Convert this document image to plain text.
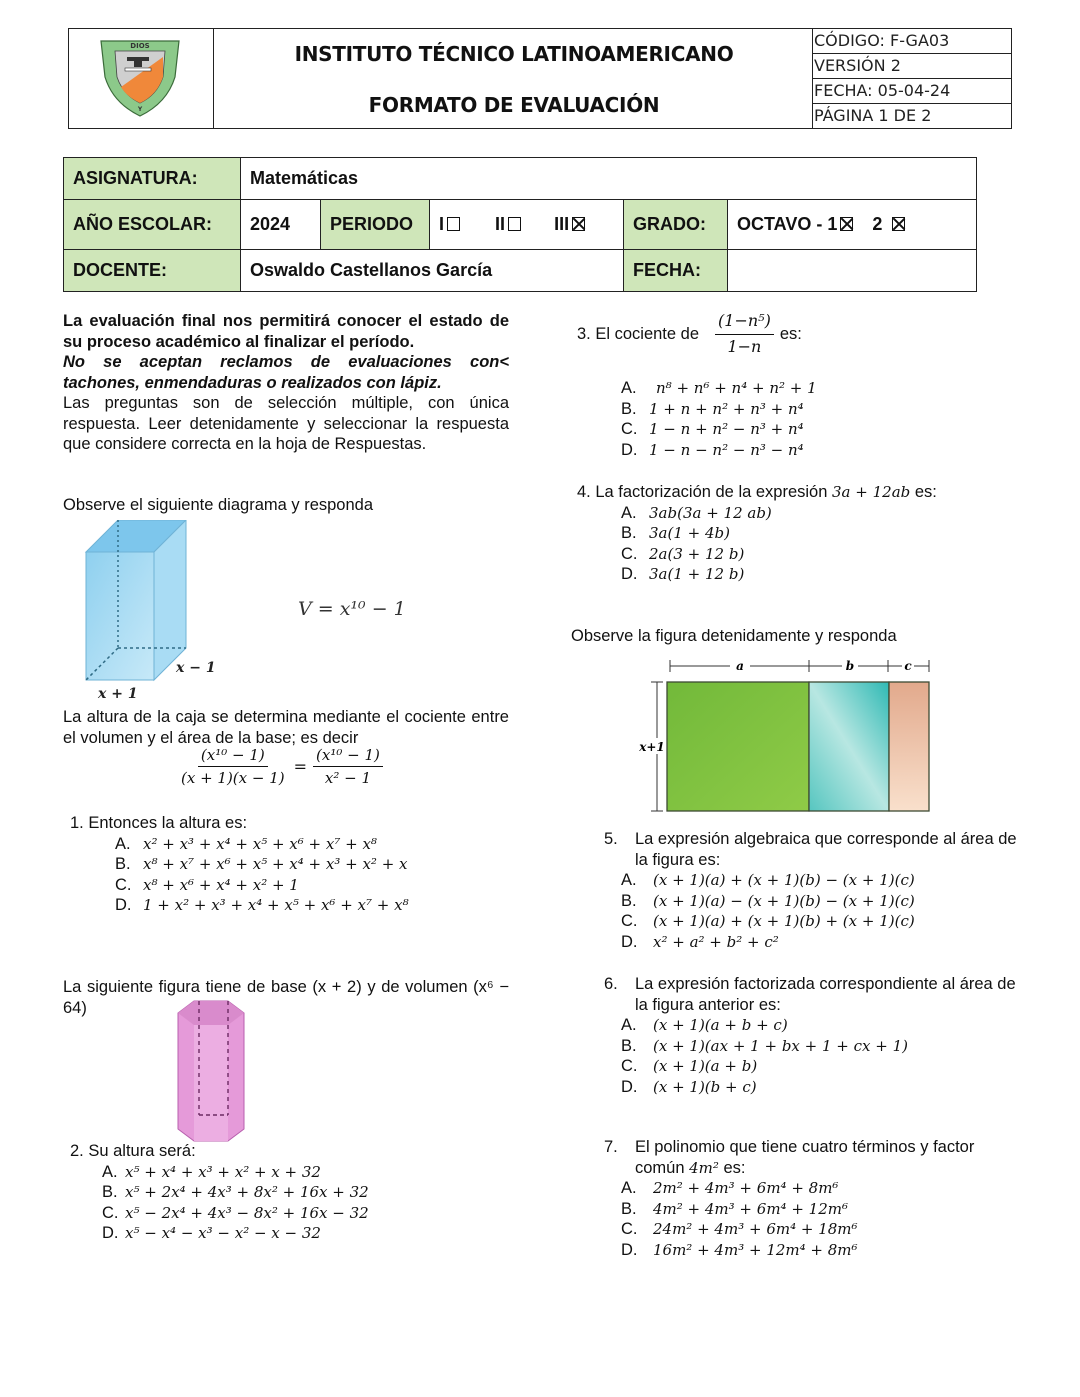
DIOS
Y
INSTITUTO TÉCNICO LATINOAMERICANO
FORMATO DE EVALUACIÓN
CÓDIGO: F-GA03
VERSIÓN 2
FECHA: 05-04-24
PÁGINA 1 DE 2
ASIGNATURA:	Matemáticas				
AÑO ESCOLAR:	2024	PERIODO	I II III	GRADO:	OCTAVO - 1 2
DOCENTE:	Oswaldo Castellanos García			FECHA:	

La evaluación final nos permitirá conocer el estado de su proceso académico al finalizar el período.

No se aceptan reclamos de evaluaciones con< tachones, enmendaduras o realizados con lápiz.

Las preguntas son de selección múltiple, con única respuesta. Leer detenidamente y seleccionar la respuesta que considere correcta en la hoja de Respuestas.

Observe el siguiente diagrama y responda
x − 1
x + 1
V = x¹⁰ − 1
La altura de la caja se determina mediante el cociente entre el volumen y el área de la base; es decir
$\frac{\text{(x¹⁰ − 1)}}{(x + 1)(x - 1)} = \frac{\text{(x¹⁰ − 1)}}{\text{x² − 1}}$
1. Entonces la altura es:
A. x² + x³ + x⁴ + x⁵ + x⁶ + x⁷ + x⁸
B. x⁸ + x⁷ + x⁶ + x⁵ + x⁴ + x³ + x² + x
C. x⁸ + x⁶ + x⁴ + x² + 1
D. 1 + x² + x³ + x⁴ + x⁵ + x⁶ + x⁷ + x⁸
La siguiente figura tiene de base (x + 2) y de volumen (x⁶ − 64)
2. Su altura será:
A. x⁵ + x⁴ + x³ + x² + x + 32
B. x⁵ + 2x⁴ + 4x³ + 8x² + 16x + 32
C. x⁵ − 2x⁴ + 4x³ − 8x² + 16x − 32
D. x⁵ − x⁴ − x³ − x² − x − 32
3.
El cociente de $\frac{\text{(1−n⁵)}}{1-n}$ es:
A. n⁸ + n⁶ + n⁴ + n² + 1
B. 1 + n + n² + n³ + n⁴
C. 1 − n + n² − n³ + n⁴
D. 1 − n − n² − n³ − n⁴
4. La factorización de la expresión 3a + 12ab es:
A. 3ab(3a + 12 ab)
B. 3a(1 + 4b)
C. 2a(3 + 12 b)
D. 3a(1 + 12 b)
Observe la figura detenidamente y responda
a	b	c
x+1
5.	La expresión algebraica que corresponde al área de la figura es:
A. (x + 1)(a) + (x + 1)(b) − (x + 1)(c)
B. (x + 1)(a) − (x + 1)(b) − (x + 1)(c)
C. (x + 1)(a) + (x + 1)(b) + (x + 1)(c)
D. x² + a² + b² + c²
6.	La expresión factorizada correspondiente al área de la figura anterior es:
A. (x + 1)(a + b + c)
B. (x + 1)(ax + 1 + bx + 1 + cx + 1)
C. (x + 1)(a + b)
D. (x + 1)(b + c)
7.	El polinomio que tiene cuatro términos y factor común 4m² es:
A. 2m² + 4m³ + 6m⁴ + 8m⁶
B. 4m² + 4m³ + 6m⁴ + 12m⁶
C. 24m² + 4m³ + 6m⁴ + 18m⁶
D. 16m² + 4m³ + 12m⁴ + 8m⁶
